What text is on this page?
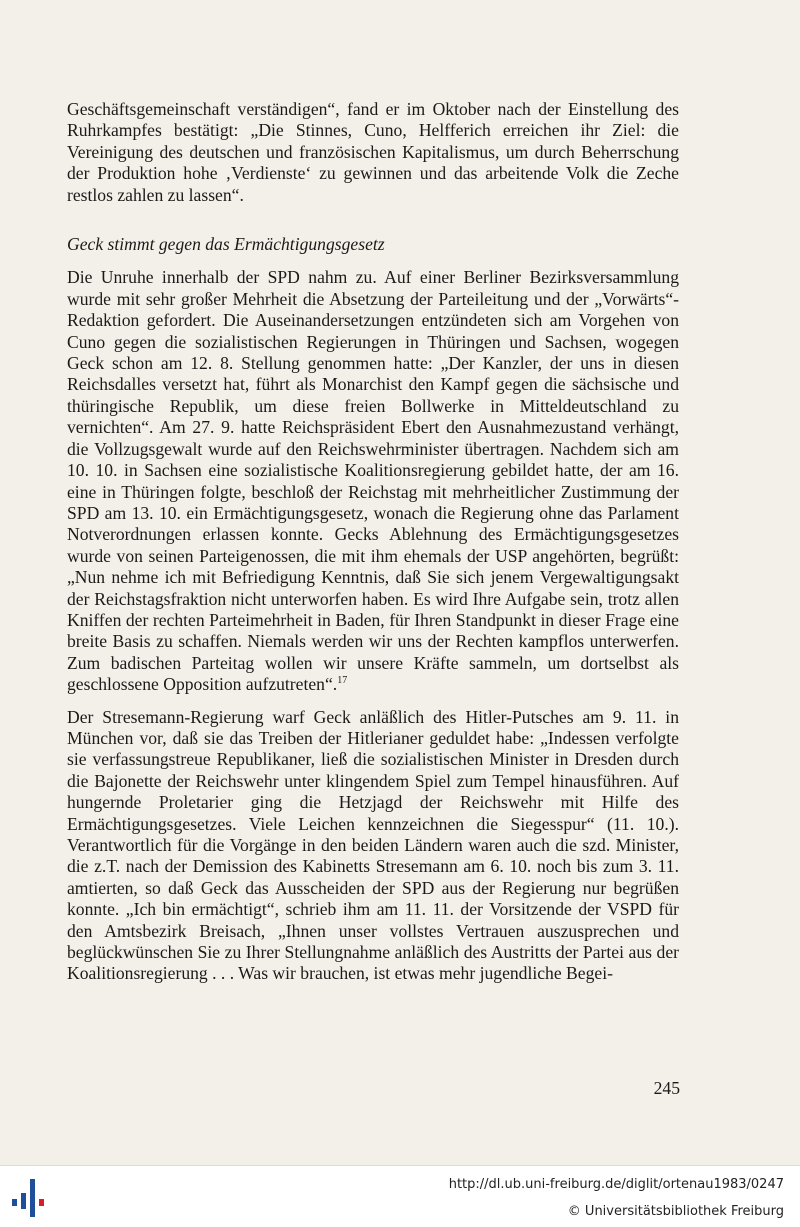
Geschäftsgemeinschaft verständigen“, fand er im Oktober nach der Einstellung des Ruhrkampfes bestätigt: „Die Stinnes, Cuno, Helfferich erreichen ihr Ziel: die Vereinigung des deutschen und französischen Kapitalismus, um durch Beherrschung der Produktion hohe ‚Verdienste‘ zu gewinnen und das arbeitende Volk die Zeche restlos zahlen zu lassen“.

Geck stimmt gegen das Ermächtigungsgesetz

Die Unruhe innerhalb der SPD nahm zu. Auf einer Berliner Bezirksversammlung wurde mit sehr großer Mehrheit die Absetzung der Parteileitung und der „Vorwärts“-Redaktion gefordert. Die Auseinandersetzungen entzündeten sich am Vorgehen von Cuno gegen die sozialistischen Regierungen in Thüringen und Sachsen, wogegen Geck schon am 12. 8. Stellung genommen hatte: „Der Kanzler, der uns in diesen Reichsdalles versetzt hat, führt als Monarchist den Kampf gegen die sächsische und thüringische Republik, um diese freien Bollwerke in Mitteldeutschland zu vernichten“. Am 27. 9. hatte Reichspräsident Ebert den Ausnahmezustand verhängt, die Vollzugsgewalt wurde auf den Reichswehrminister übertragen. Nachdem sich am 10. 10. in Sachsen eine sozialistische Koalitionsregierung gebildet hatte, der am 16. eine in Thüringen folgte, beschloß der Reichstag mit mehrheitlicher Zustimmung der SPD am 13. 10. ein Ermächtigungsgesetz, wonach die Regierung ohne das Parlament Notverordnungen erlassen konnte. Gecks Ablehnung des Ermächtigungsgesetzes wurde von seinen Parteigenossen, die mit ihm ehemals der USP angehörten, begrüßt: „Nun nehme ich mit Befriedigung Kenntnis, daß Sie sich jenem Vergewaltigungsakt der Reichstagsfraktion nicht unterworfen haben. Es wird Ihre Aufgabe sein, trotz allen Kniffen der rechten Parteimehrheit in Baden, für Ihren Standpunkt in dieser Frage eine breite Basis zu schaffen. Niemals werden wir uns der Rechten kampflos unterwerfen. Zum badischen Parteitag wollen wir unsere Kräfte sammeln, um dortselbst als geschlossene Opposition aufzutreten“.$^{17}$

Der Stresemann-Regierung warf Geck anläßlich des Hitler-Putsches am 9. 11. in München vor, daß sie das Treiben der Hitlerianer geduldet habe: „Indessen verfolgte sie verfassungstreue Republikaner, ließ die sozialistischen Minister in Dresden durch die Bajonette der Reichswehr unter klingendem Spiel zum Tempel hinausführen. Auf hungernde Proletarier ging die Hetzjagd der Reichswehr mit Hilfe des Ermächtigungsgesetzes. Viele Leichen kennzeichnen die Siegesspur“ (11. 10.). Verantwortlich für die Vorgänge in den beiden Ländern waren auch die szd. Minister, die z.T. nach der Demission des Kabinetts Stresemann am 6. 10. noch bis zum 3. 11. amtierten, so daß Geck das Ausscheiden der SPD aus der Regierung nur begrüßen konnte. „Ich bin ermächtigt“, schrieb ihm am 11. 11. der Vorsitzende der VSPD für den Amtsbezirk Breisach, „Ihnen unser vollstes Vertrauen auszusprechen und beglückwünschen Sie zu Ihrer Stellungnahme anläßlich des Austritts der Partei aus der Koalitionsregierung . . . Was wir brauchen, ist etwas mehr jugendliche Begei-

245
http://dl.ub.uni-freiburg.de/diglit/ortenau1983/0247
© Universitätsbibliothek Freiburg
